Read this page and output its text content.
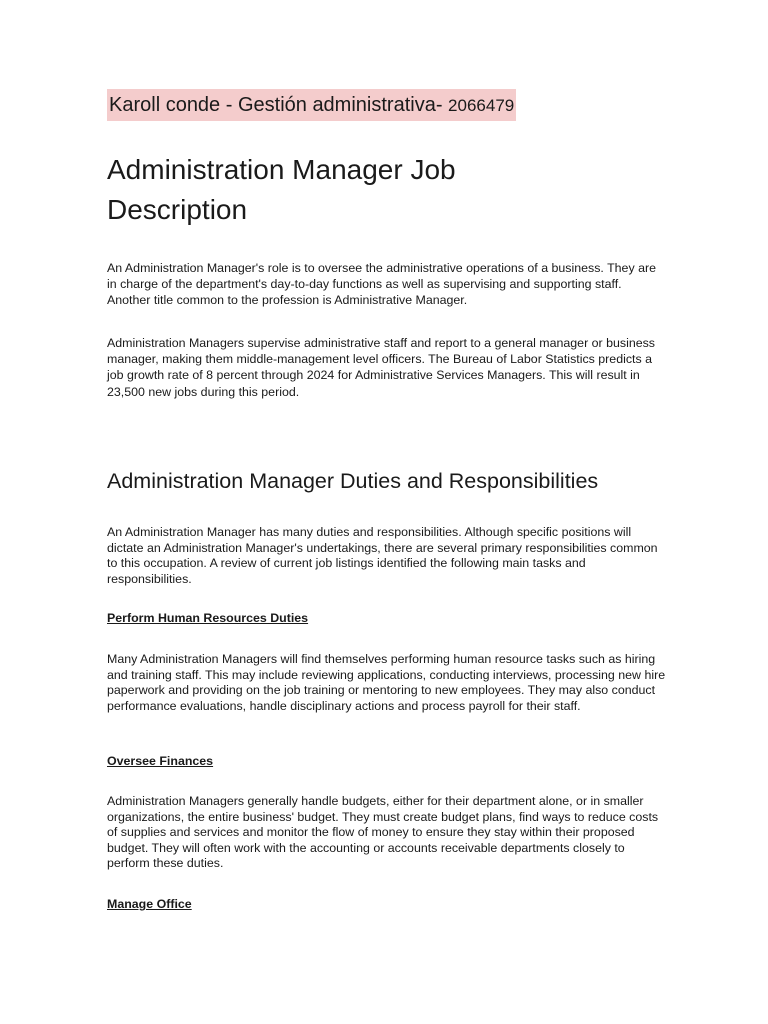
Karoll conde - Gestión administrativa- 2066479
Administration Manager Job Description

An Administration Manager's role is to oversee the administrative operations of a business. They are in charge of the department's day-to-day functions as well as supervising and supporting staff. Another title common to the profession is Administrative Manager.

Administration Managers supervise administrative staff and report to a general manager or business manager, making them middle-management level officers. The Bureau of Labor Statistics predicts a job growth rate of 8 percent through 2024 for Administrative Services Managers. This will result in 23,500 new jobs during this period.

Administration Manager Duties and Responsibilities

An Administration Manager has many duties and responsibilities. Although specific positions will dictate an Administration Manager's undertakings, there are several primary responsibilities common to this occupation. A review of current job listings identified the following main tasks and responsibilities.

Perform Human Resources Duties

Many Administration Managers will find themselves performing human resource tasks such as hiring and training staff. This may include reviewing applications, conducting interviews, processing new hire paperwork and providing on the job training or mentoring to new employees. They may also conduct performance evaluations, handle disciplinary actions and process payroll for their staff.

Oversee Finances

Administration Managers generally handle budgets, either for their department alone, or in smaller organizations, the entire business' budget. They must create budget plans, find ways to reduce costs of supplies and services and monitor the flow of money to ensure they stay within their proposed budget. They will often work with the accounting or accounts receivable departments closely to perform these duties.

Manage Office
